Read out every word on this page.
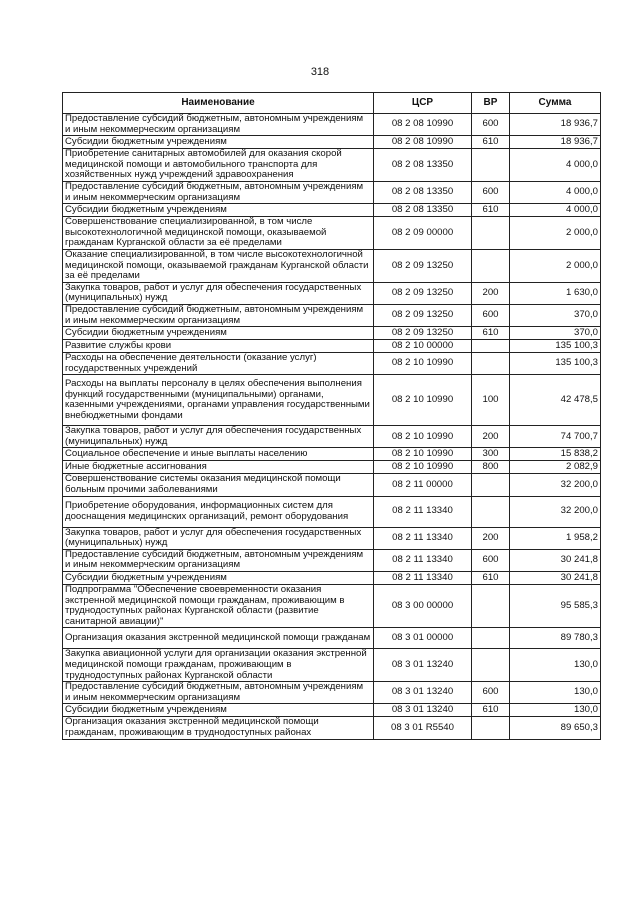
318
Наименование	ЦСР	ВР	Сумма
Предоставление субсидий бюджетным, автономным учреждениям и иным некоммерческим организациям	08 2 08 10990	600	18 936,7
Субсидии бюджетным учреждениям	08 2 08 10990	610	18 936,7
Приобретение санитарных автомобилей для оказания скорой медицинской помощи и автомобильного транспорта для хозяйственных нужд учреждений здравоохранения	08 2 08 13350		4 000,0
Предоставление субсидий бюджетным, автономным учреждениям и иным некоммерческим организациям	08 2 08 13350	600	4 000,0
Субсидии бюджетным учреждениям	08 2 08 13350	610	4 000,0
Совершенствование специализированной, в том числе высокотехнологичной медицинской помощи, оказываемой гражданам Курганской области за её пределами	08 2 09 00000		2 000,0
Оказание специализированной, в том числе высокотехнологичной медицинской помощи, оказываемой гражданам Курганской области за её пределами	08 2 09 13250		2 000,0
Закупка товаров, работ и услуг для обеспечения государственных (муниципальных) нужд	08 2 09 13250	200	1 630,0
Предоставление субсидий бюджетным, автономным учреждениям и иным некоммерческим организациям	08 2 09 13250	600	370,0
Субсидии бюджетным учреждениям	08 2 09 13250	610	370,0
Развитие службы крови	08 2 10 00000		135 100,3
Расходы на обеспечение деятельности (оказание услуг) государственных учреждений	08 2 10 10990		135 100,3
Расходы на выплаты персоналу в целях обеспечения выполнения функций государственными (муниципальными) органами, казенными учреждениями, органами управления государственными внебюджетными фондами	08 2 10 10990	100	42 478,5
Закупка товаров, работ и услуг для обеспечения государственных (муниципальных) нужд	08 2 10 10990	200	74 700,7
Социальное обеспечение и иные выплаты населению	08 2 10 10990	300	15 838,2
Иные бюджетные ассигнования	08 2 10 10990	800	2 082,9
Совершенствование системы оказания медицинской помощи больным прочими заболеваниями	08 2 11 00000		32 200,0
Приобретение оборудования, информационных систем для дооснащения медицинских организаций, ремонт оборудования	08 2 11 13340		32 200,0
Закупка товаров, работ и услуг для обеспечения государственных (муниципальных) нужд	08 2 11 13340	200	1 958,2
Предоставление субсидий бюджетным, автономным учреждениям и иным некоммерческим организациям	08 2 11 13340	600	30 241,8
Субсидии бюджетным учреждениям	08 2 11 13340	610	30 241,8
Подпрограмма "Обеспечение своевременности оказания экстренной медицинской помощи гражданам, проживающим в труднодоступных районах Курганской области (развитие санитарной авиации)"	08 3 00 00000		95 585,3
Организация оказания экстренной медицинской помощи гражданам	08 3 01 00000		89 780,3
Закупка авиационной услуги для организации оказания экстренной медицинской помощи гражданам, проживающим в труднодоступных районах Курганской области	08 3 01 13240		130,0
Предоставление субсидий бюджетным, автономным учреждениям и иным некоммерческим организациям	08 3 01 13240	600	130,0
Субсидии бюджетным учреждениям	08 3 01 13240	610	130,0
Организация оказания экстренной медицинской помощи гражданам, проживающим в труднодоступных районах	08 3 01 R5540		89 650,3
